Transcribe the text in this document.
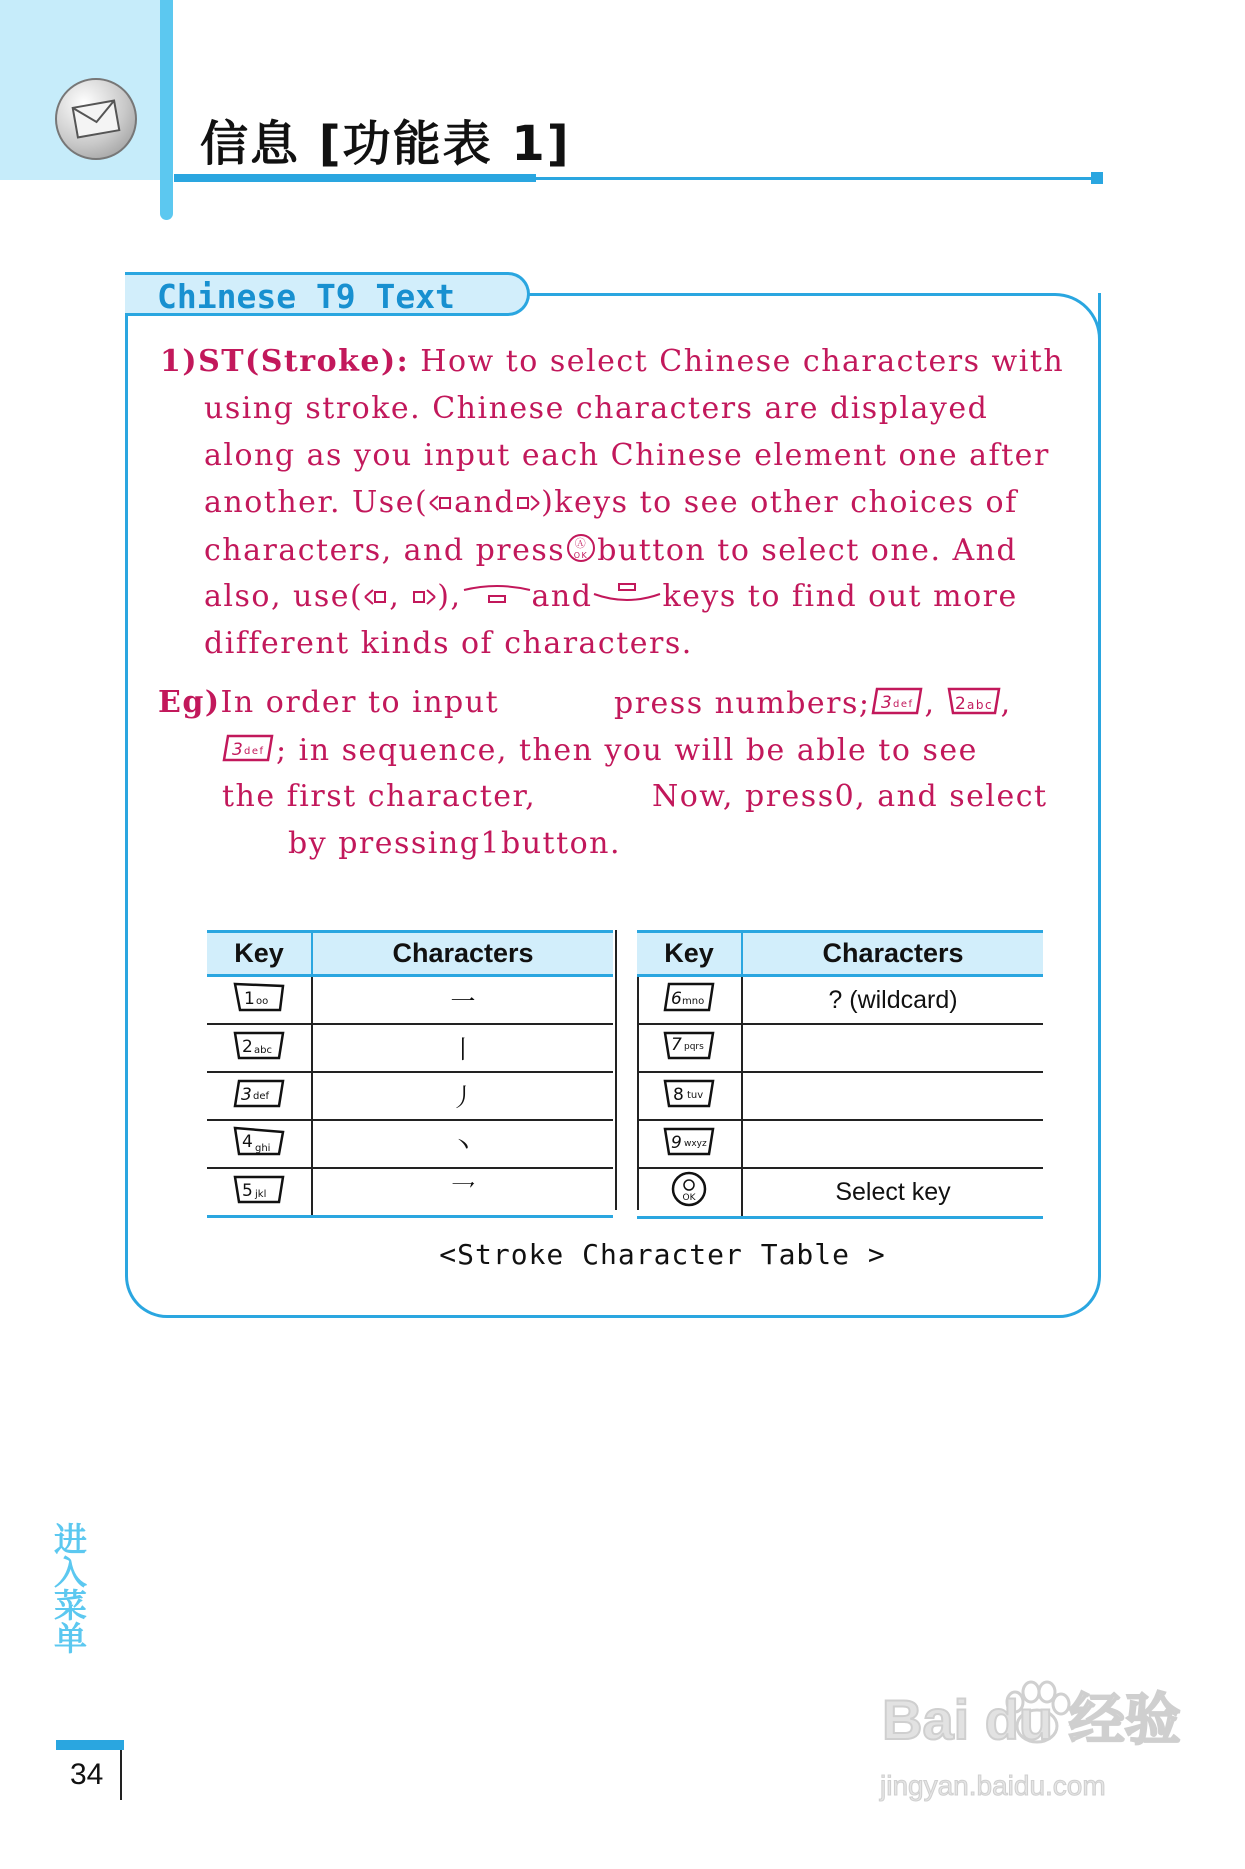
信息 [功能表 1]
Chinese T9 Text
1)ST(Stroke): How to select Chinese characters with
using stroke. Chinese characters are displayed
along as you input each Chinese element one after
another. Use( and )keys to see other choices of
characters, and press Ⓐ
OK button to select one. And
also, use( , ), and keys to find out more
different kinds of characters.
Eg)In order to input	press numbers; 3 def , 2 abc ,
3 def ; in sequence, then you will be able to see
the first character,	Now, press0, and select
by pressing1button.
Key	Characters

1 oo	一

2 abc	丨

3 def	丿

4 ghi	丶

5 jkl	乛
Key	Characters

6 mno	? (wildcard)

7 pqrs	

8 tuv	

9 wxyz	

OK	Select key
<Stroke Character Table >
进入菜单
34
Bai du 经验
jingyan.baidu.com
